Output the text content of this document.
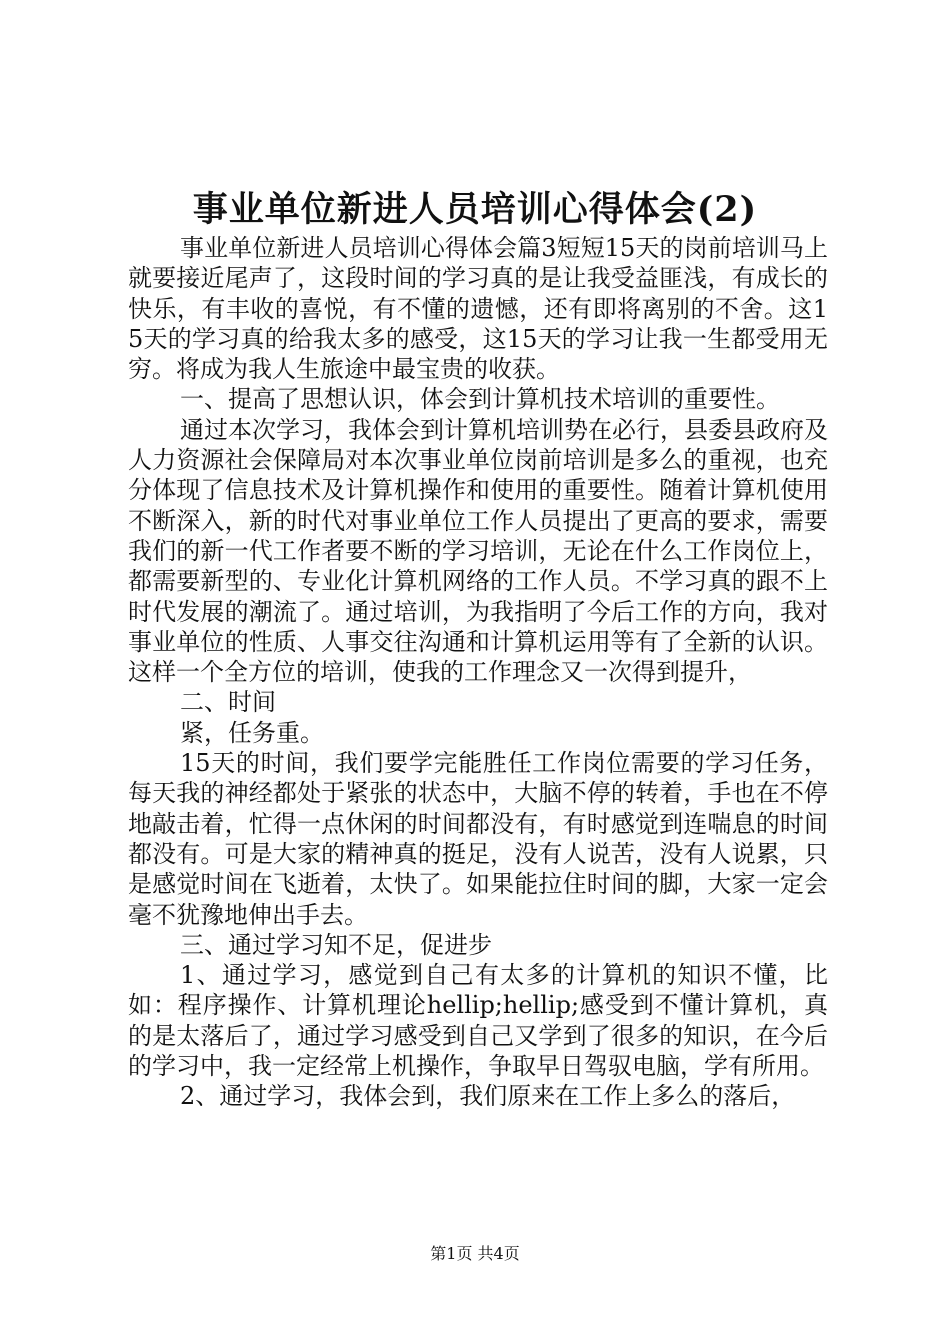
事业单位新进人员培训心得体会(2)

事业单位新进人员培训心得体会篇3短短15天的岗前培训马上就要接近尾声了，这段时间的学习真的是让我受益匪浅，有成长的快乐，有丰收的喜悦，有不懂的遗憾，还有即将离别的不舍。这15天的学习真的给我太多的感受，这15天的学习让我一生都受用无穷。将成为我人生旅途中最宝贵的收获。

一、提高了思想认识，体会到计算机技术培训的重要性。

通过本次学习，我体会到计算机培训势在必行，县委县政府及人力资源社会保障局对本次事业单位岗前培训是多么的重视，也充分体现了信息技术及计算机操作和使用的重要性。随着计算机使用不断深入，新的时代对事业单位工作人员提出了更高的要求，需要我们的新一代工作者要不断的学习培训，无论在什么工作岗位上，都需要新型的、专业化计算机网络的工作人员。不学习真的跟不上时代发展的潮流了。通过培训，为我指明了今后工作的方向，我对事业单位的性质、人事交往沟通和计算机运用等有了全新的认识。这样一个全方位的培训，使我的工作理念又一次得到提升，

二、时间

紧，任务重。

15天的时间，我们要学完能胜任工作岗位需要的学习任务，每天我的神经都处于紧张的状态中，大脑不停的转着，手也在不停地敲击着，忙得一点休闲的时间都没有，有时感觉到连喘息的时间都没有。可是大家的精神真的挺足，没有人说苦，没有人说累，只是感觉时间在飞逝着，太快了。如果能拉住时间的脚，大家一定会毫不犹豫地伸出手去。

三、通过学习知不足，促进步

1、通过学习，感觉到自己有太多的计算机的知识不懂，比如：程序操作、计算机理论hellip;hellip;感受到不懂计算机，真的是太落后了，通过学习感受到自己又学到了很多的知识，在今后的学习中，我一定经常上机操作，争取早日驾驭电脑，学有所用。

2、通过学习，我体会到，我们原来在工作上多么的落后，

第1页 共4页
